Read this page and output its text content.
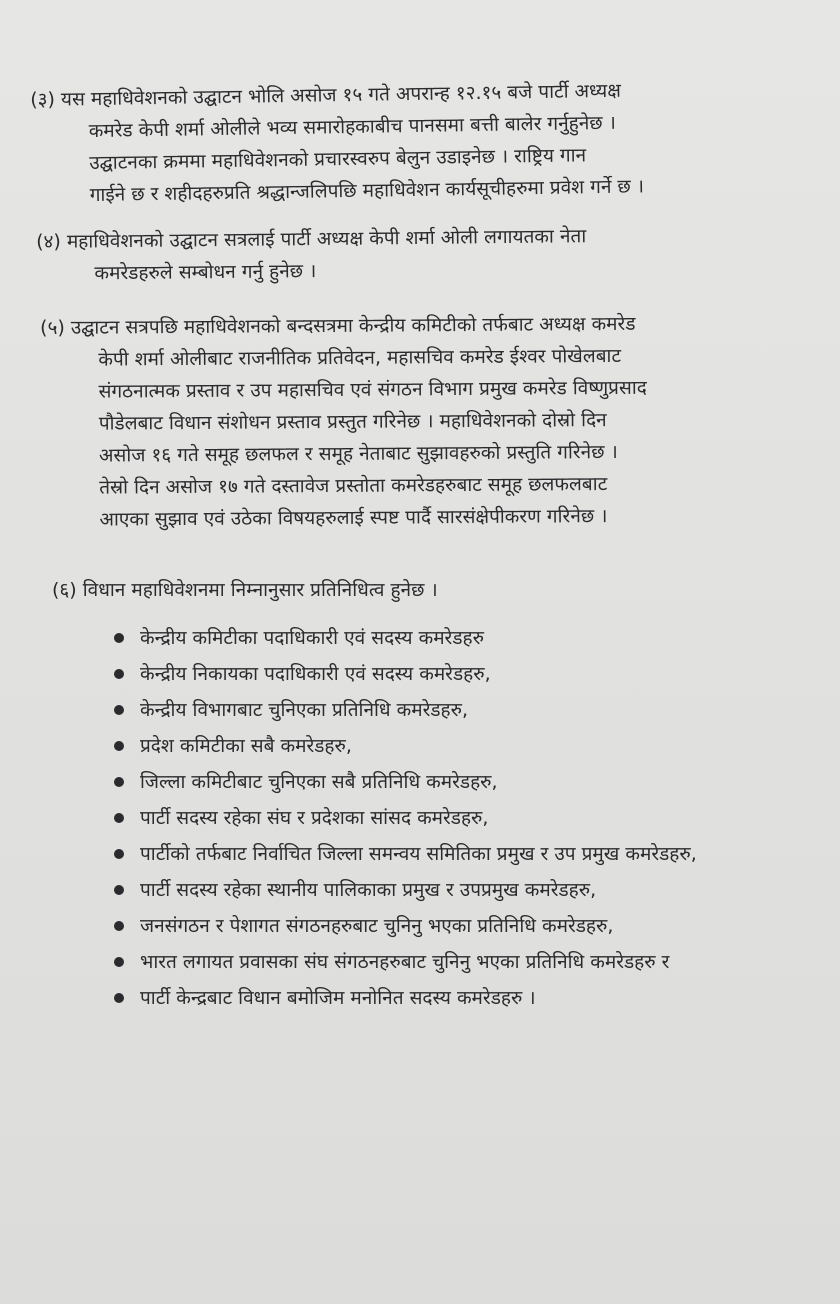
(३) यस महाधिवेशनको उद्घाटन भोलि असोज १५ गते अपरान्ह १२.१५ बजे पार्टी अध्यक्ष
कमरेड केपी शर्मा ओलीले भव्य समारोहकाबीच पानसमा बत्ती बालेर गर्नुहुनेछ ।
उद्घाटनका क्रममा महाधिवेशनको प्रचारस्वरुप बेलुन उडाइनेछ । राष्ट्रिय गान
गाईने छ र शहीदहरुप्रति श्रद्धान्जलिपछि महाधिवेशन कार्यसूचीहरुमा प्रवेश गर्ने छ ।
(४) महाधिवेशनको उद्घाटन सत्रलाई पार्टी अध्यक्ष केपी शर्मा ओली लगायतका नेता
कमरेडहरुले सम्बोधन गर्नु हुनेछ ।
(५) उद्घाटन सत्रपछि महाधिवेशनको बन्दसत्रमा केन्द्रीय कमिटीको तर्फबाट अध्यक्ष कमरेड
केपी शर्मा ओलीबाट राजनीतिक प्रतिवेदन, महासचिव कमरेड ईश्वर पोखेलबाट
संगठनात्मक प्रस्ताव र उप महासचिव एवं संगठन विभाग प्रमुख कमरेड विष्णुप्रसाद
पौडेलबाट विधान संशोधन प्रस्ताव प्रस्तुत गरिनेछ । महाधिवेशनको दोस्रो दिन
असोज १६ गते समूह छलफल र समूह नेताबाट सुझावहरुको प्रस्तुति गरिनेछ ।
तेस्रो दिन असोज १७ गते दस्तावेज प्रस्तोता कमरेडहरुबाट समूह छलफलबाट
आएका सुझाव एवं उठेका विषयहरुलाई स्पष्ट पार्दै सारसंक्षेपीकरण गरिनेछ ।
(६) विधान महाधिवेशनमा निम्नानुसार प्रतिनिधित्व हुनेछ ।
केन्द्रीय कमिटीका पदाधिकारी एवं सदस्य कमरेडहरु
केन्द्रीय निकायका पदाधिकारी एवं सदस्य कमरेडहरु,
केन्द्रीय विभागबाट चुनिएका प्रतिनिधि कमरेडहरु,
प्रदेश कमिटीका सबै कमरेडहरु,
जिल्ला कमिटीबाट चुनिएका सबै प्रतिनिधि कमरेडहरु,
पार्टी सदस्य रहेका संघ र प्रदेशका सांसद कमरेडहरु,
पार्टीको तर्फबाट निर्वाचित जिल्ला समन्वय समितिका प्रमुख र उप प्रमुख कमरेडहरु,
पार्टी सदस्य रहेका स्थानीय पालिकाका प्रमुख र उपप्रमुख कमरेडहरु,
जनसंगठन र पेशागत संगठनहरुबाट चुनिनु भएका प्रतिनिधि कमरेडहरु,
भारत लगायत प्रवासका संघ संगठनहरुबाट चुनिनु भएका प्रतिनिधि कमरेडहरु र
पार्टी केन्द्रबाट विधान बमोजिम मनोनित सदस्य कमरेडहरु ।
